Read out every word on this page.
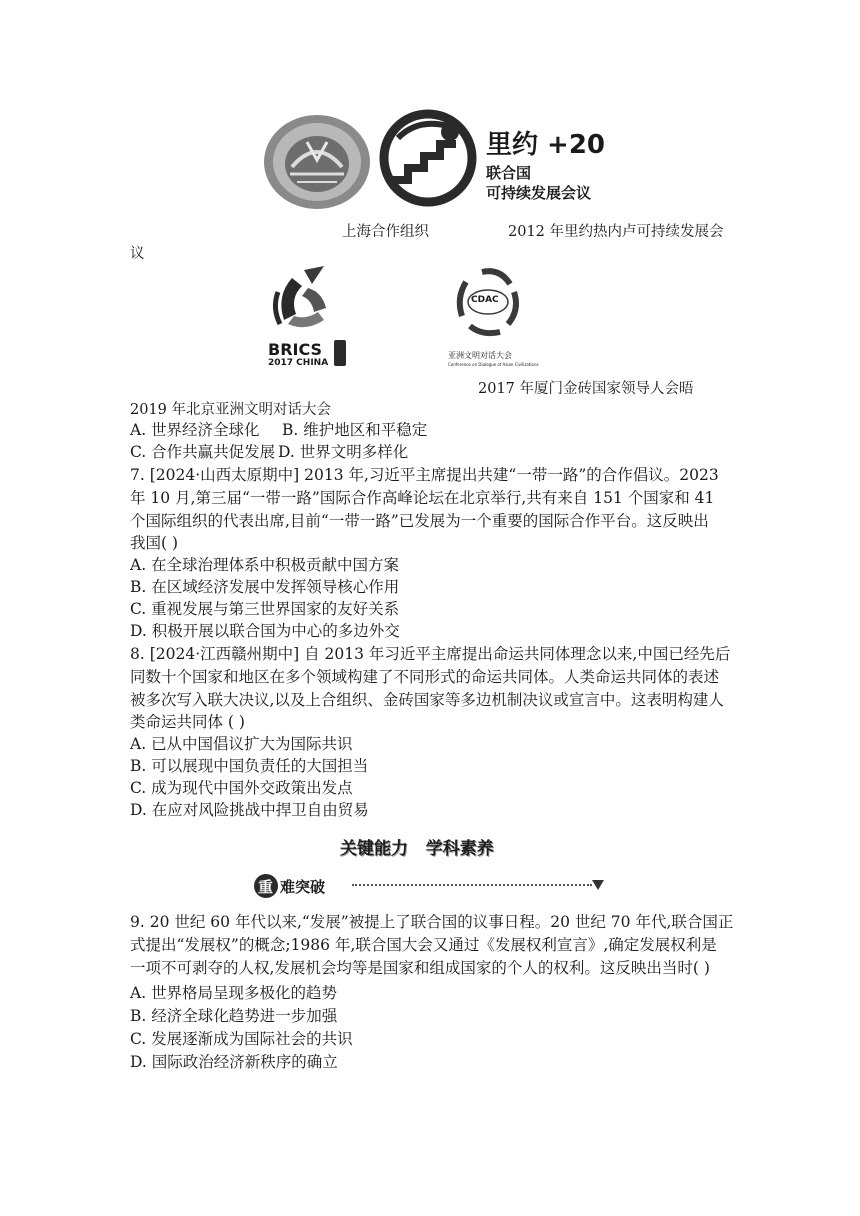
里约 +20
联合国
可持续发展会议
上海合作组织	2012 年里约热内卢可持续发展会
议
BRICS
2017 CHINA
CDAC
亚洲文明对话大会
Conference on Dialogue of Asian Civilizations
2017 年厦门金砖国家领导人会晤
2019 年北京亚洲文明对话大会
A. 世界经济全球化 B. 维护地区和平稳定
C. 合作共赢共促发展 D. 世界文明多样化
7. [2024·山西太原期中] 2013 年,习近平主席提出共建“一带一路”的合作倡议。2023
年 10 月,第三届“一带一路”国际合作高峰论坛在北京举行,共有来自 151 个国家和 41
个国际组织的代表出席,目前“一带一路”已发展为一个重要的国际合作平台。这反映出
我国( )
A. 在全球治理体系中积极贡献中国方案
B. 在区域经济发展中发挥领导核心作用
C. 重视发展与第三世界国家的友好关系
D. 积极开展以联合国为中心的多边外交
8. [2024·江西赣州期中] 自 2013 年习近平主席提出命运共同体理念以来,中国已经先后
同数十个国家和地区在多个领域构建了不同形式的命运共同体。人类命运共同体的表述
被多次写入联大决议,以及上合组织、金砖国家等多边机制决议或宣言中。这表明构建人
类命运共同体 ( )
A. 已从中国倡议扩大为国际共识
B. 可以展现中国负责任的大国担当
C. 成为现代中国外交政策出发点
D. 在应对风险挑战中捍卫自由贸易
关键能力   学科素养
重 难突破
9. 20 世纪 60 年代以来,“发展”被提上了联合国的议事日程。20 世纪 70 年代,联合国正
式提出“发展权”的概念;1986 年,联合国大会又通过《发展权利宣言》,确定发展权利是
一项不可剥夺的人权,发展机会均等是国家和组成国家的个人的权利。这反映出当时( )
A. 世界格局呈现多极化的趋势
B. 经济全球化趋势进一步加强
C. 发展逐渐成为国际社会的共识
D. 国际政治经济新秩序的确立
